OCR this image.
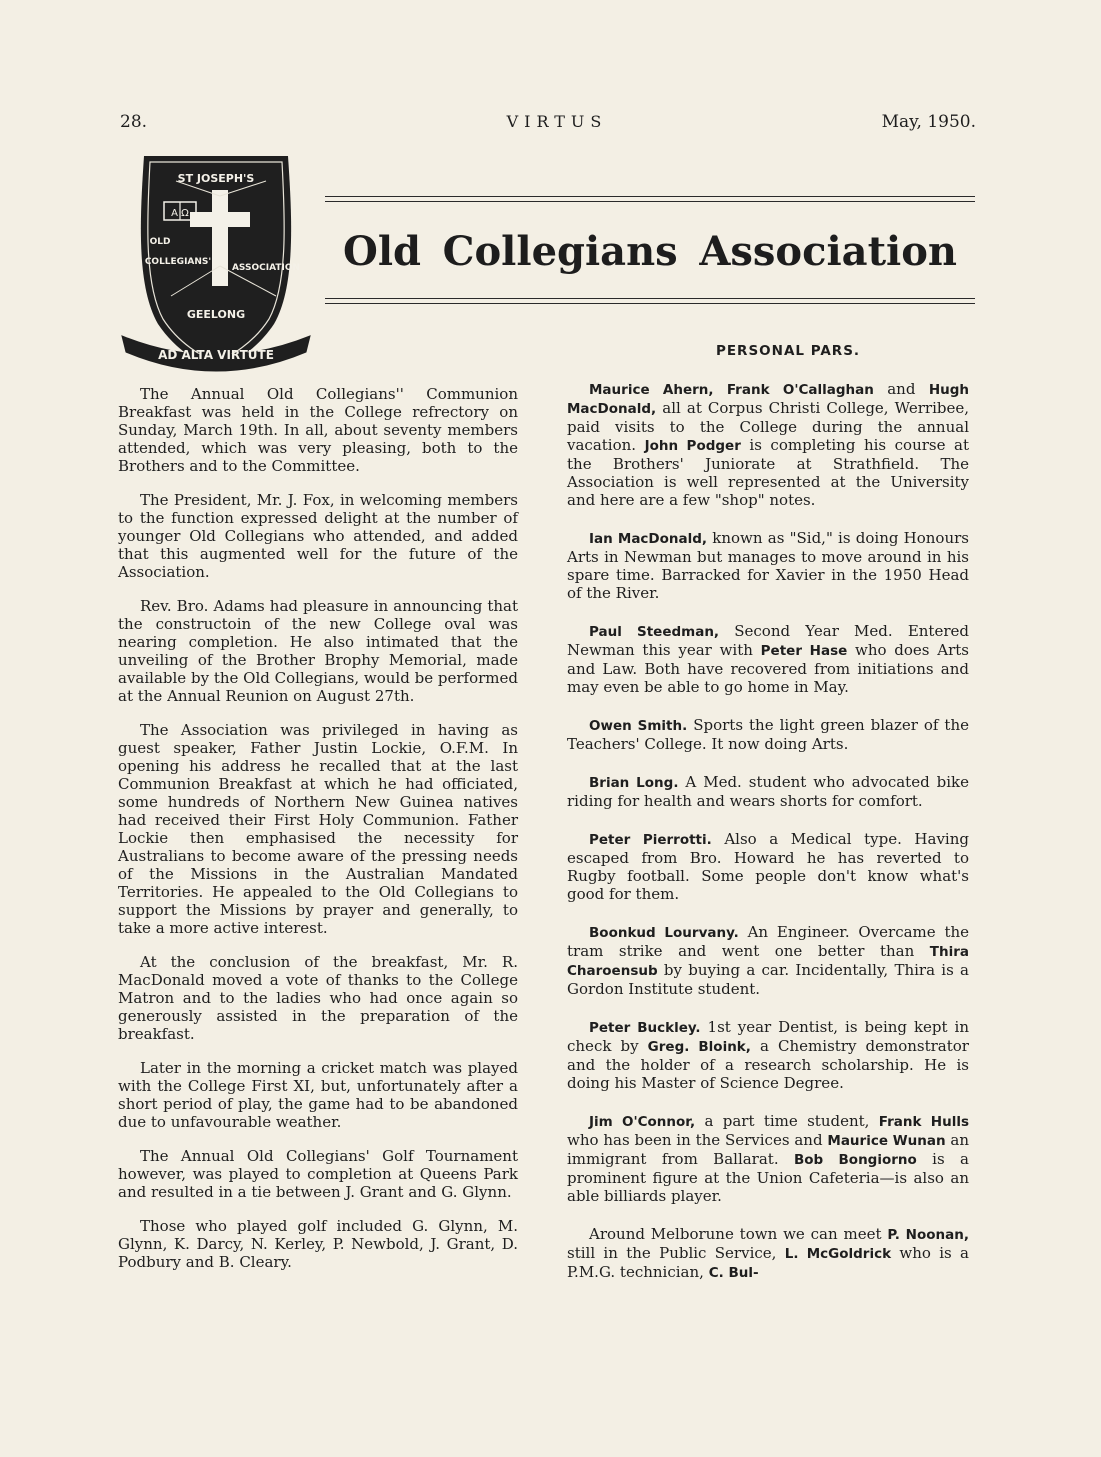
28.	VIRTUS	May, 1950.
A Ω
ST JOSEPH'S
OLD
COLLEGIANS'
ASSOCIATION
GEELONG
AD ALTA VIRTUTE
Old Collegians Association

The Annual Old Collegians'' Communion Breakfast was held in the College refrectory on Sunday, March 19th. In all, about seventy members attended, which was very pleasing, both to the Brothers and to the Committee.

The President, Mr. J. Fox, in welcoming members to the function expressed delight at the number of younger Old Collegians who attended, and added that this augmented well for the future of the Association.

Rev. Bro. Adams had pleasure in announcing that the constructoin of the new College oval was nearing completion. He also intimated that the unveiling of the Brother Brophy Memorial, made available by the Old Collegians, would be performed at the Annual Reunion on August 27th.

The Association was privileged in having as guest speaker, Father Justin Lockie, O.F.M. In opening his address he recalled that at the last Communion Breakfast at which he had officiated, some hundreds of Northern New Guinea natives had received their First Holy Communion. Father Lockie then emphasised the necessity for Australians to become aware of the pressing needs of the Missions in the Australian Mandated Territories. He appealed to the Old Collegians to support the Missions by prayer and generally, to take a more active interest.

At the conclusion of the breakfast, Mr. R. MacDonald moved a vote of thanks to the College Matron and to the ladies who had once again so generously assisted in the preparation of the breakfast.

Later in the morning a cricket match was played with the College First XI, but, unfortunately after a short period of play, the game had to be abandoned due to unfavourable weather.

The Annual Old Collegians' Golf Tournament however, was played to completion at Queens Park and resulted in a tie between J. Grant and G. Glynn.

Those who played golf included G. Glynn, M. Glynn, K. Darcy, N. Kerley, P. Newbold, J. Grant, D. Podbury and B. Cleary.

PERSONAL PARS.

Maurice Ahern, Frank O'Callaghan and Hugh MacDonald, all at Corpus Christi College, Werribee, paid visits to the College during the annual vacation. John Podger is completing his course at the Brothers' Juniorate at Strathfield. The Association is well represented at the University and here are a few "shop" notes.

Ian MacDonald, known as "Sid," is doing Honours Arts in Newman but manages to move around in his spare time. Barracked for Xavier in the 1950 Head of the River.

Paul Steedman, Second Year Med. Entered Newman this year with Peter Hase who does Arts and Law. Both have recovered from initiations and may even be able to go home in May.

Owen Smith. Sports the light green blazer of the Teachers' College. It now doing Arts.

Brian Long. A Med. student who advocated bike riding for health and wears shorts for comfort.

Peter Pierrotti. Also a Medical type. Having escaped from Bro. Howard he has reverted to Rugby football. Some people don't know what's good for them.

Boonkud Lourvany. An Engineer. Overcame the tram strike and went one better than Thira Charoensub by buying a car. Incidentally, Thira is a Gordon Institute student.

Peter Buckley. 1st year Dentist, is being kept in check by Greg. Bloink, a Chemistry demonstrator and the holder of a research scholarship. He is doing his Master of Science Degree.

Jim O'Connor, a part time student, Frank Hulls who has been in the Services and Maurice Wunan an immigrant from Ballarat. Bob Bongiorno is a prominent figure at the Union Cafeteria—is also an able billiards player.

Around Melborune town we can meet P. Noonan, still in the Public Service, L. McGoldrick who is a P.M.G. technician, C. Bul-
